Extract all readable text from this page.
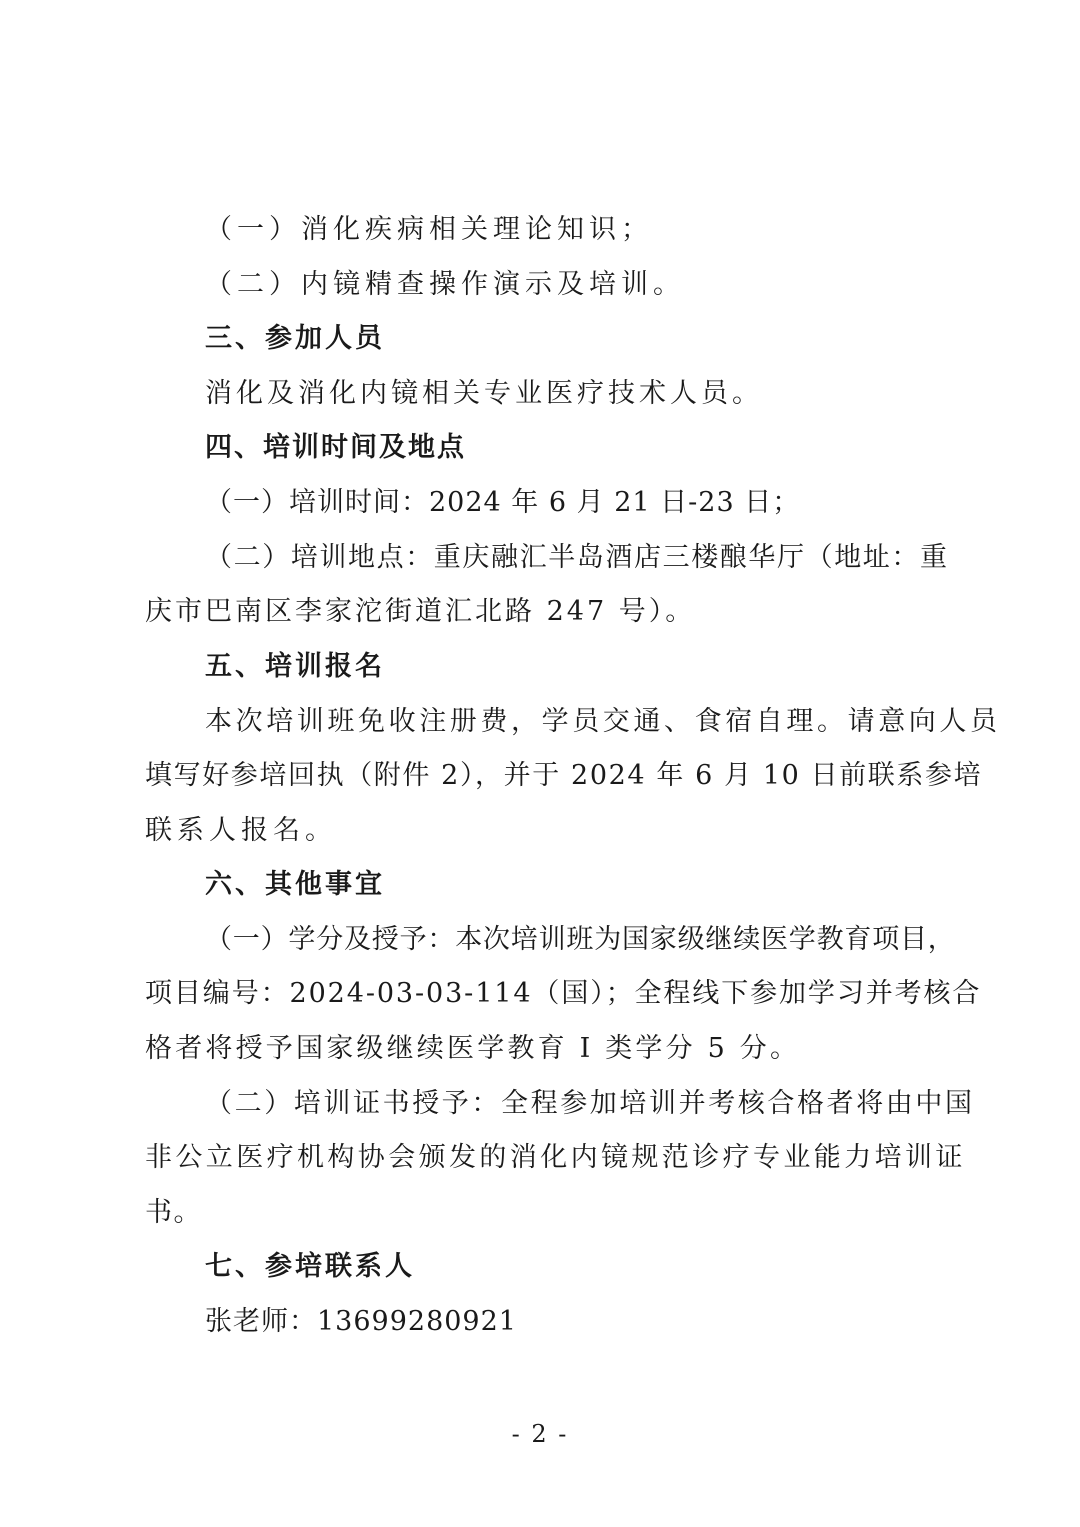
（一）消化疾病相关理论知识；
（二）内镜精查操作演示及培训。
三、参加人员
消化及消化内镜相关专业医疗技术人员。
四、培训时间及地点
（一）培训时间：2024 年 6 月 21 日-23 日；
（二）培训地点：重庆融汇半岛酒店三楼酿华厅（地址：重
庆市巴南区李家沱街道汇北路 247 号）。
五、培训报名
本次培训班免收注册费，学员交通、食宿自理。请意向人员
填写好参培回执（附件 2），并于 2024 年 6 月 10 日前联系参培
联系人报名。
六、其他事宜
（一）学分及授予：本次培训班为国家级继续医学教育项目，
项目编号：2024-03-03-114（国）；全程线下参加学习并考核合
格者将授予国家级继续医学教育 I 类学分 5 分。
（二）培训证书授予：全程参加培训并考核合格者将由中国
非公立医疗机构协会颁发的消化内镜规范诊疗专业能力培训证
书。
七、参培联系人
张老师：13699280921
- 2 -
